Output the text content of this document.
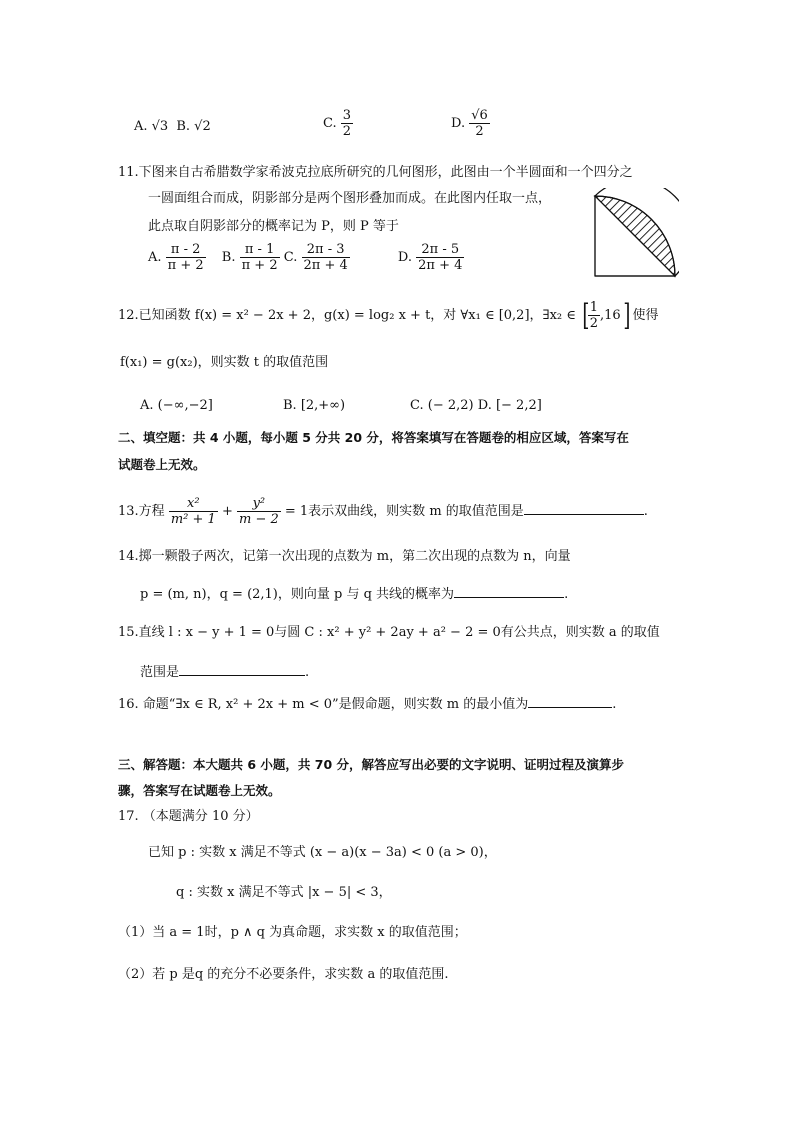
A. √3 B. √2	C. $\frac{3}{2}$	D. $\frac{√6}{2}$
11.下图来自古希腊数学家希波克拉底所研究的几何图形，此图由一个半圆面和一个四分之
一圆面组合而成，阴影部分是两个图形叠加而成。在此图内任取一点，
此点取自阴影部分的概率记为 P，则 P 等于
A. $\frac{\pi - 2}{\pi + 2} B$. $\frac{\pi - 1}{\pi + 2} C$. $\frac{2\pi - 3}{2\pi + 4}$	D. $\frac{2\pi - 5}{2\pi + 4}$
12.已知函数 f(x) = x² − 2x + 2，g(x) = log₂ x + t，对 ∀x₁ ∈ [0,2]，∃x₂ ∈ [
$\frac{1}{2} ,16$] 使得
f(x₁) = g(x₂)，则实数 t 的取值范围
A. (−∞,−2]	B. [2,+∞)	C. (− 2,2) D. [− 2,2]
二、填空题：共 4 小题，每小题 5 分共 20 分，将答案填写在答题卷的相应区域，答案写在
试题卷上无效。
13.方程 $\frac{\text{x²}}{\text{m² + 1}} + \frac{\text{y²}}{m - 2} = 1$表示双曲线，则实数 m 的取值范围是	.
14.掷一颗骰子两次，记第一次出现的点数为 m，第二次出现的点数为 n，向量
p = (m, n)，q = (2,1)，则向量 p 与 q 共线的概率为	.
15.直线 l : x − y + 1 = 0与圆 C : x² + y² + 2ay + a² − 2 = 0有公共点，则实数 a 的取值
范围是	.
16. 命题“∃x ∈ R, x² + 2x + m < 0”是假命题，则实数 m 的最小值为	.
三、解答题：本大题共 6 小题，共 70 分，解答应写出必要的文字说明、证明过程及演算步
骤，答案写在试题卷上无效。
17. （本题满分 10 分）
已知 p : 实数 x 满足不等式 (x − a)(x − 3a) < 0 (a > 0)，
q : 实数 x 满足不等式 |x − 5| < 3，
（1）当 a = 1时，p ∧ q 为真命题，求实数 x 的取值范围；
（2）若 p 是q 的充分不必要条件，求实数 a 的取值范围.
